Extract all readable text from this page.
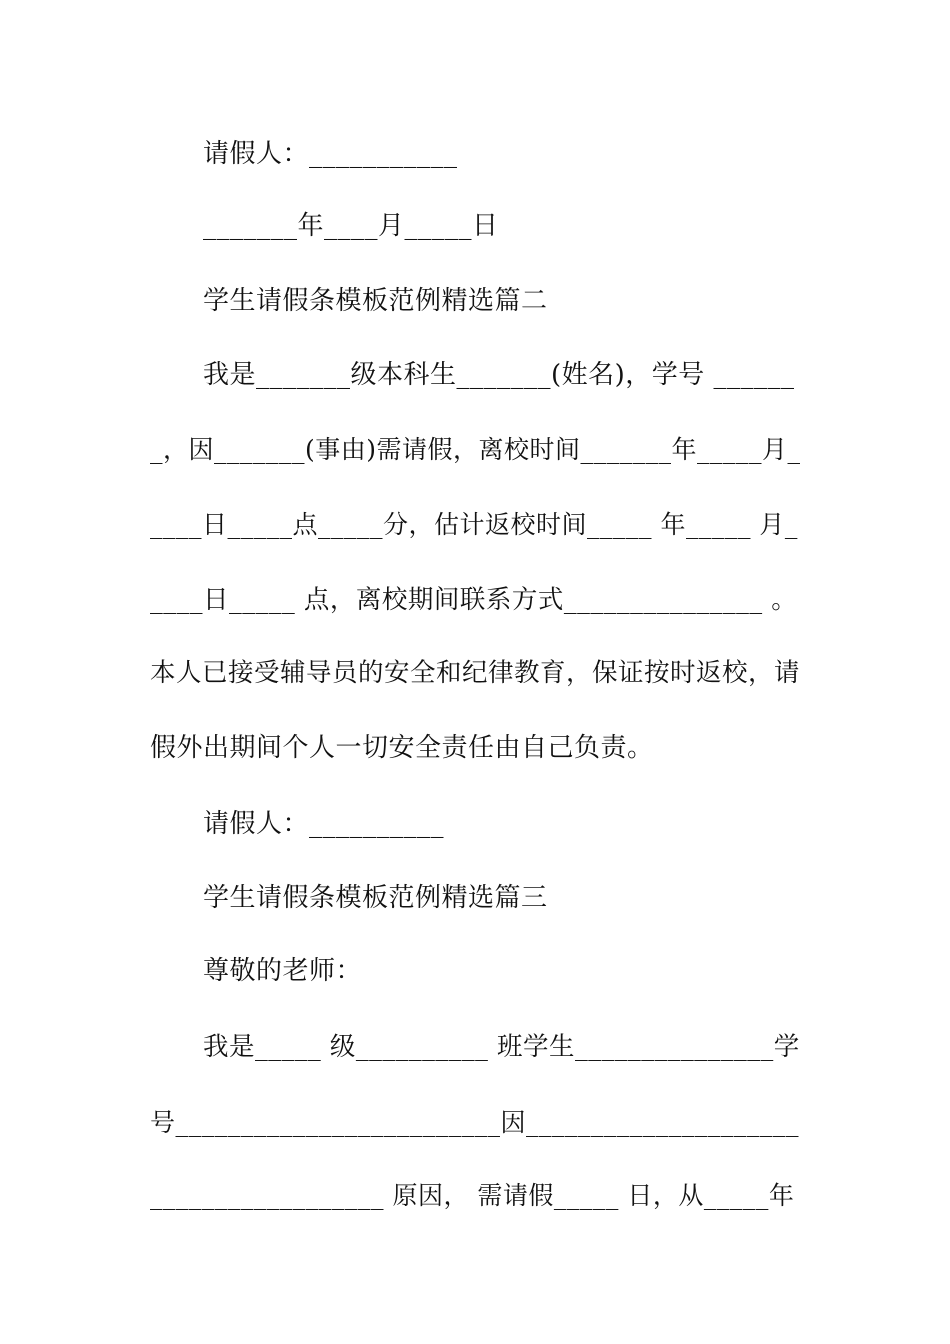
请假人：___________
_______年____月_____日
学生请假条模板范例精选篇二
我是_______级本科生_______(姓名)，学号 ______
_，因_______(事由)需请假，离校时间_______年_____月_
____日_____点_____分，估计返校时间_____ 年_____ 月_
____日_____ 点，离校期间联系方式_______________ 。
本人已接受辅导员的安全和纪律教育，保证按时返校，请
假外出期间个人一切安全责任由自己负责。
请假人：__________
学生请假条模板范例精选篇三
尊敬的老师：
我是_____ 级__________ 班学生_______________学
号_________________________因_____________________
__________________ 原因， 需请假_____ 日，从_____年
